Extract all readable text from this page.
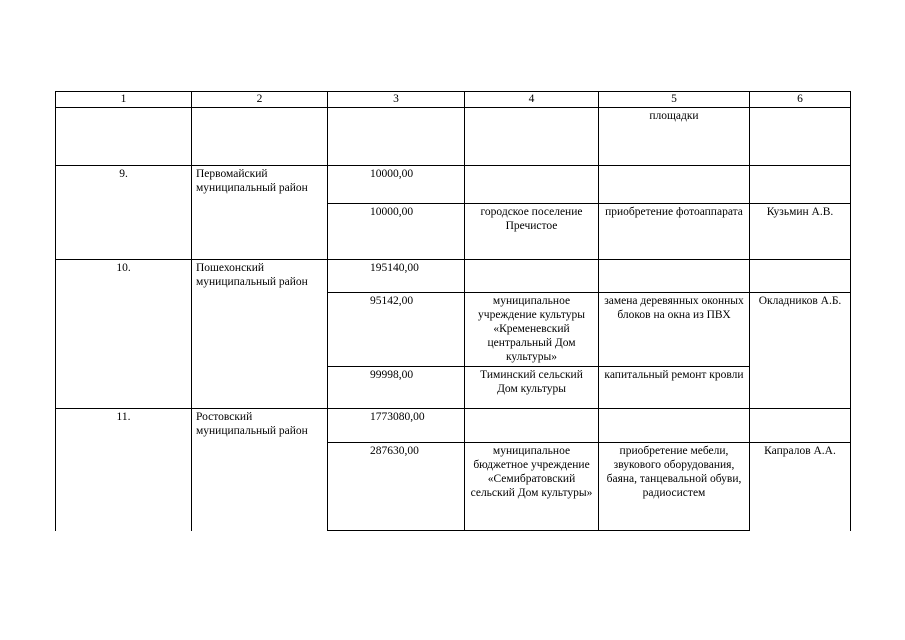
1	2	3	4	5	6
				площадки	
9.	Первомайский муниципальный район	10000,00			
		10000,00	городское поселение Пречистое	приобретение фотоаппарата	Кузьмин А.В.
10.	Пошехонский муниципальный район	195140,00			
		95142,00	муниципальное учреждение культуры «Кременевский центральный Дом культуры»	замена деревянных оконных блоков на окна из ПВХ	Окладников А.Б.
		99998,00	Тиминский сельский Дом культуры	капитальный ремонт кровли	
11.	Ростовский муниципальный район	1773080,00			
		287630,00	муниципальное бюджетное учреждение «Семибратовский сельский Дом культуры»	приобретение мебели, звукового оборудования, баяна, танцевальной обуви, радиосистем	Капралов А.А.
